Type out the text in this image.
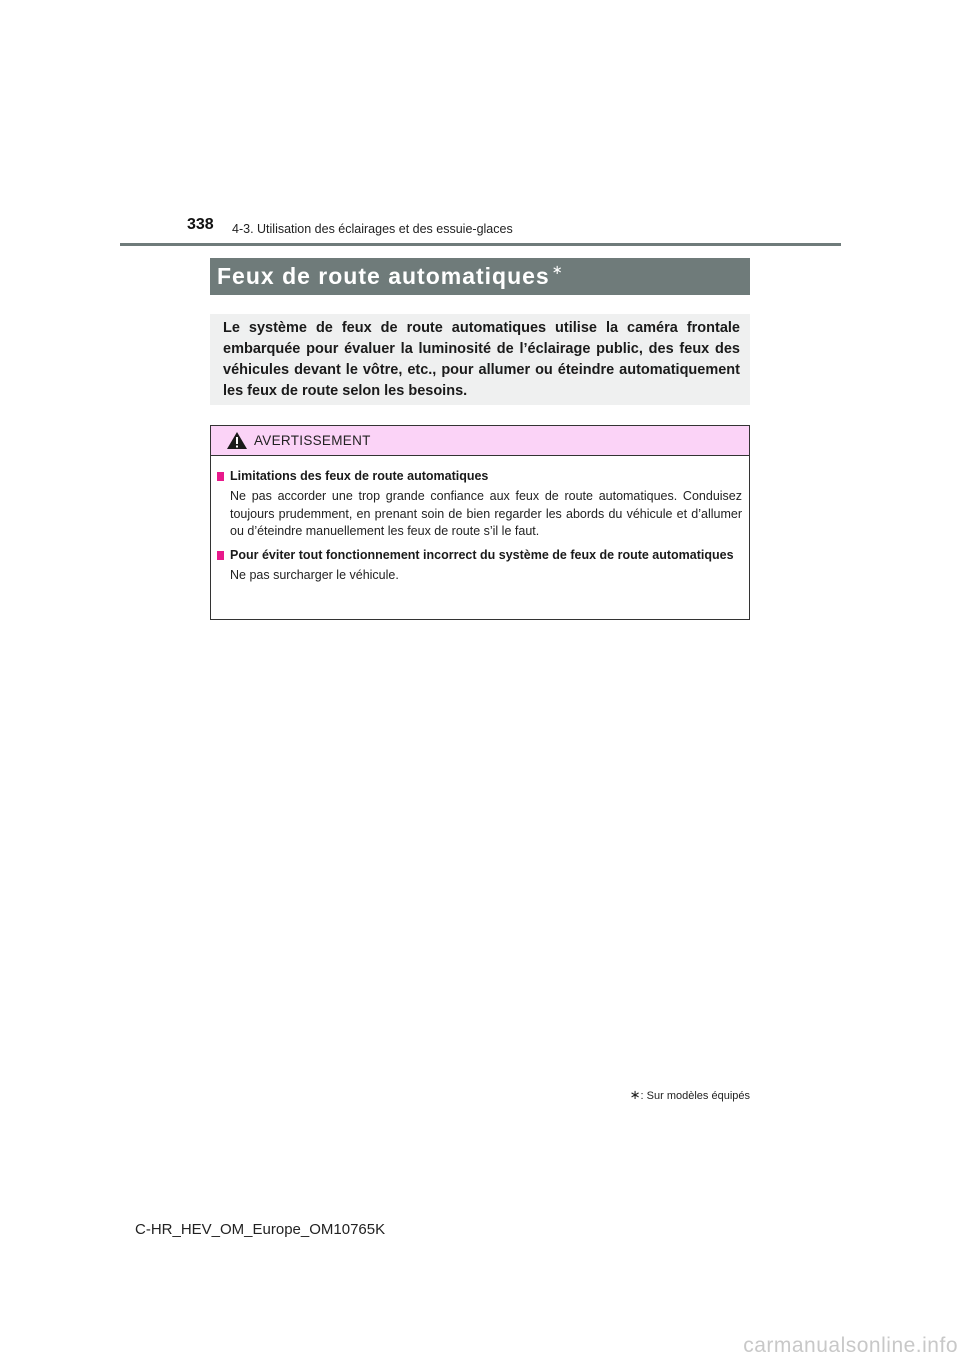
338 4-3. Utilisation des éclairages et des essuie-glaces
Feux de route automatiques ∗

Le système de feux de route automatiques utilise la caméra frontale embarquée pour évaluer la luminosité de l’éclairage public, des feux des véhicules devant le vôtre, etc., pour allumer ou éteindre automatiquement les feux de route selon les besoins.

AVERTISSEMENT
Limitations des feux de route automatiques
Ne pas accorder une trop grande confiance aux feux de route automatiques. Conduisez toujours prudemment, en prenant soin de bien regarder les abords du véhicule et d’allumer ou d’éteindre manuellement les feux de route s’il le faut.
Pour éviter tout fonctionnement incorrect du système de feux de route automatiques
Ne pas surcharger le véhicule.
∗: Sur modèles équipés
C-HR_HEV_OM_Europe_OM10765K
carmanualsonline.info
